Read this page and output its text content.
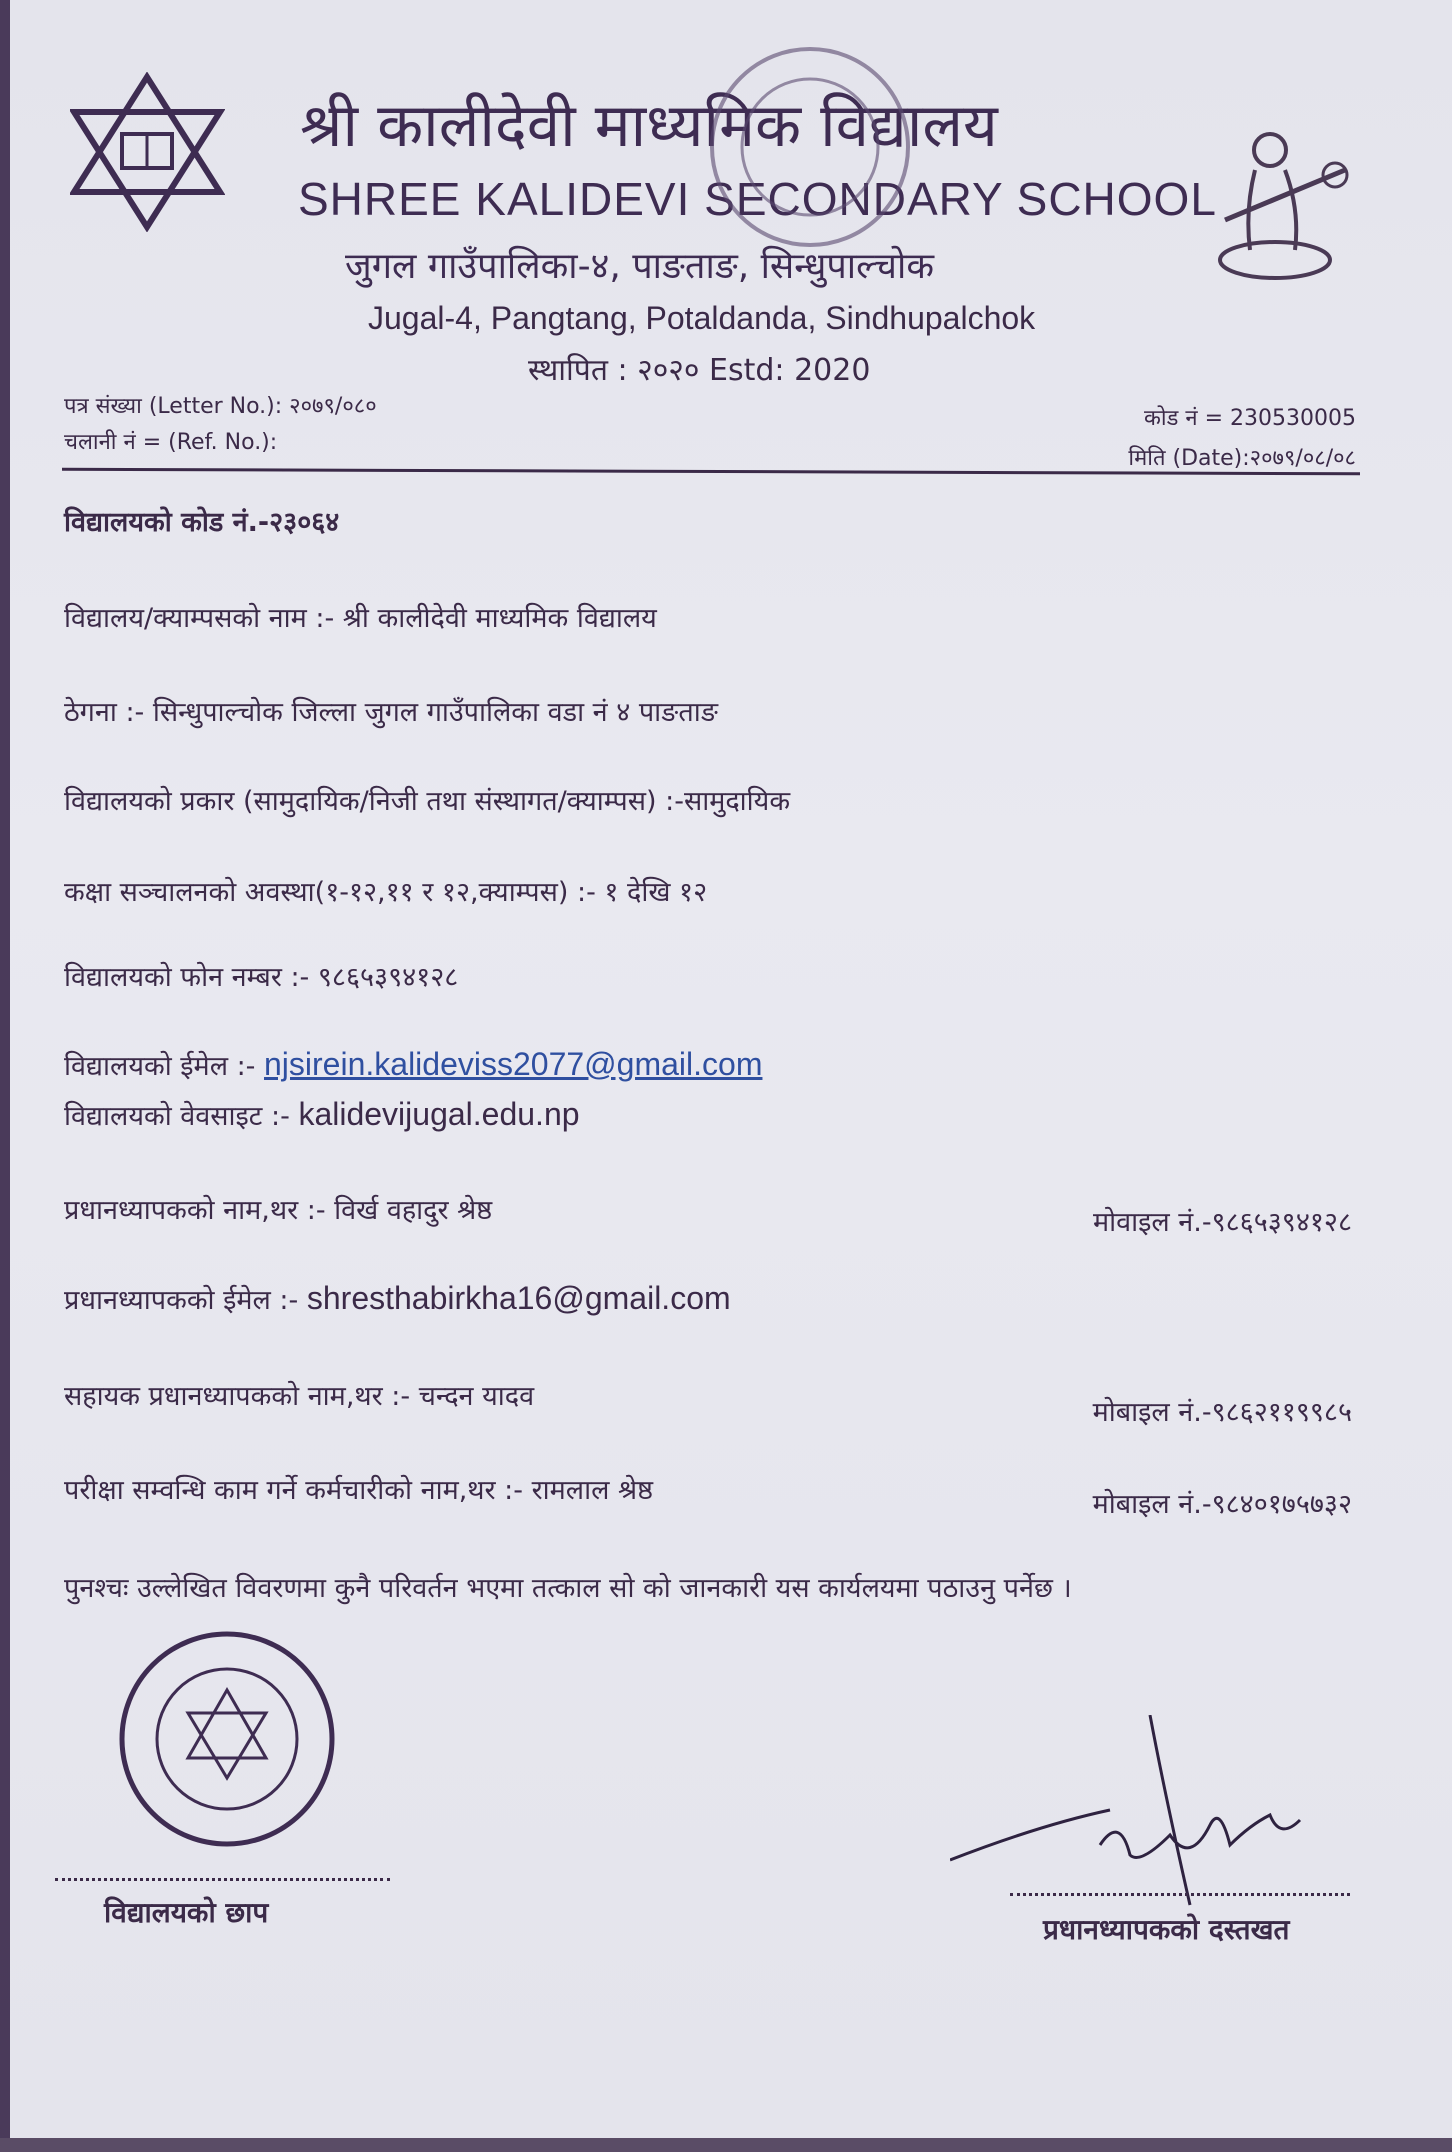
श्री कालीदेवी माध्यमिक विद्यालय
SHREE KALIDEVI SECONDARY SCHOOL
जुगल गाउँपालिका-४, पाङताङ, सिन्धुपाल्चोक
Jugal-4, Pangtang, Potaldanda, Sindhupalchok
स्थापित : २०२० Estd: 2020
पत्र संख्या (Letter No.): २०७९/०८०
चलानी नं = (Ref. No.):
कोड नं = 230530005
मिति (Date):२०७९/०८/०८
विद्यालयको कोड नं.-२३०६४
विद्यालय/क्याम्पसको नाम :- श्री कालीदेवी माध्यमिक विद्यालय
ठेगना :- सिन्धुपाल्चोक जिल्ला जुगल गाउँपालिका वडा नं ४ पाङताङ
विद्यालयको प्रकार (सामुदायिक/निजी तथा संस्थागत/क्याम्पस) :-सामुदायिक
कक्षा सञ्चालनको अवस्था(१-१२,११ र १२,क्याम्पस) :- १ देखि १२
विद्यालयको फोन नम्बर :- ९८६५३९४१२८
विद्यालयको ईमेल :- njsirein.kalideviss2077@gmail.com
विद्यालयको वेवसाइट :- kalidevijugal.edu.np
प्रधानध्यापकको नाम,थर :- विर्ख वहादुर श्रेष्ठ	मोवाइल नं.-९८६५३९४१२८
प्रधानध्यापकको ईमेल :- shresthabirkha16@gmail.com
सहायक प्रधानध्यापकको नाम,थर :- चन्दन यादव
मोबाइल नं.-९८६२११९९८५
परीक्षा सम्वन्धि काम गर्ने कर्मचारीको नाम,थर :- रामलाल श्रेष्ठ	मोबाइल नं.-९८४०१७५७३२
पुनश्चः उल्लेखित विवरणमा कुनै परिवर्तन भएमा तत्काल सो को जानकारी यस कार्यलयमा पठाउनु पर्नेछ ।
विद्यालयको छाप
प्रधानध्यापकको दस्तखत
